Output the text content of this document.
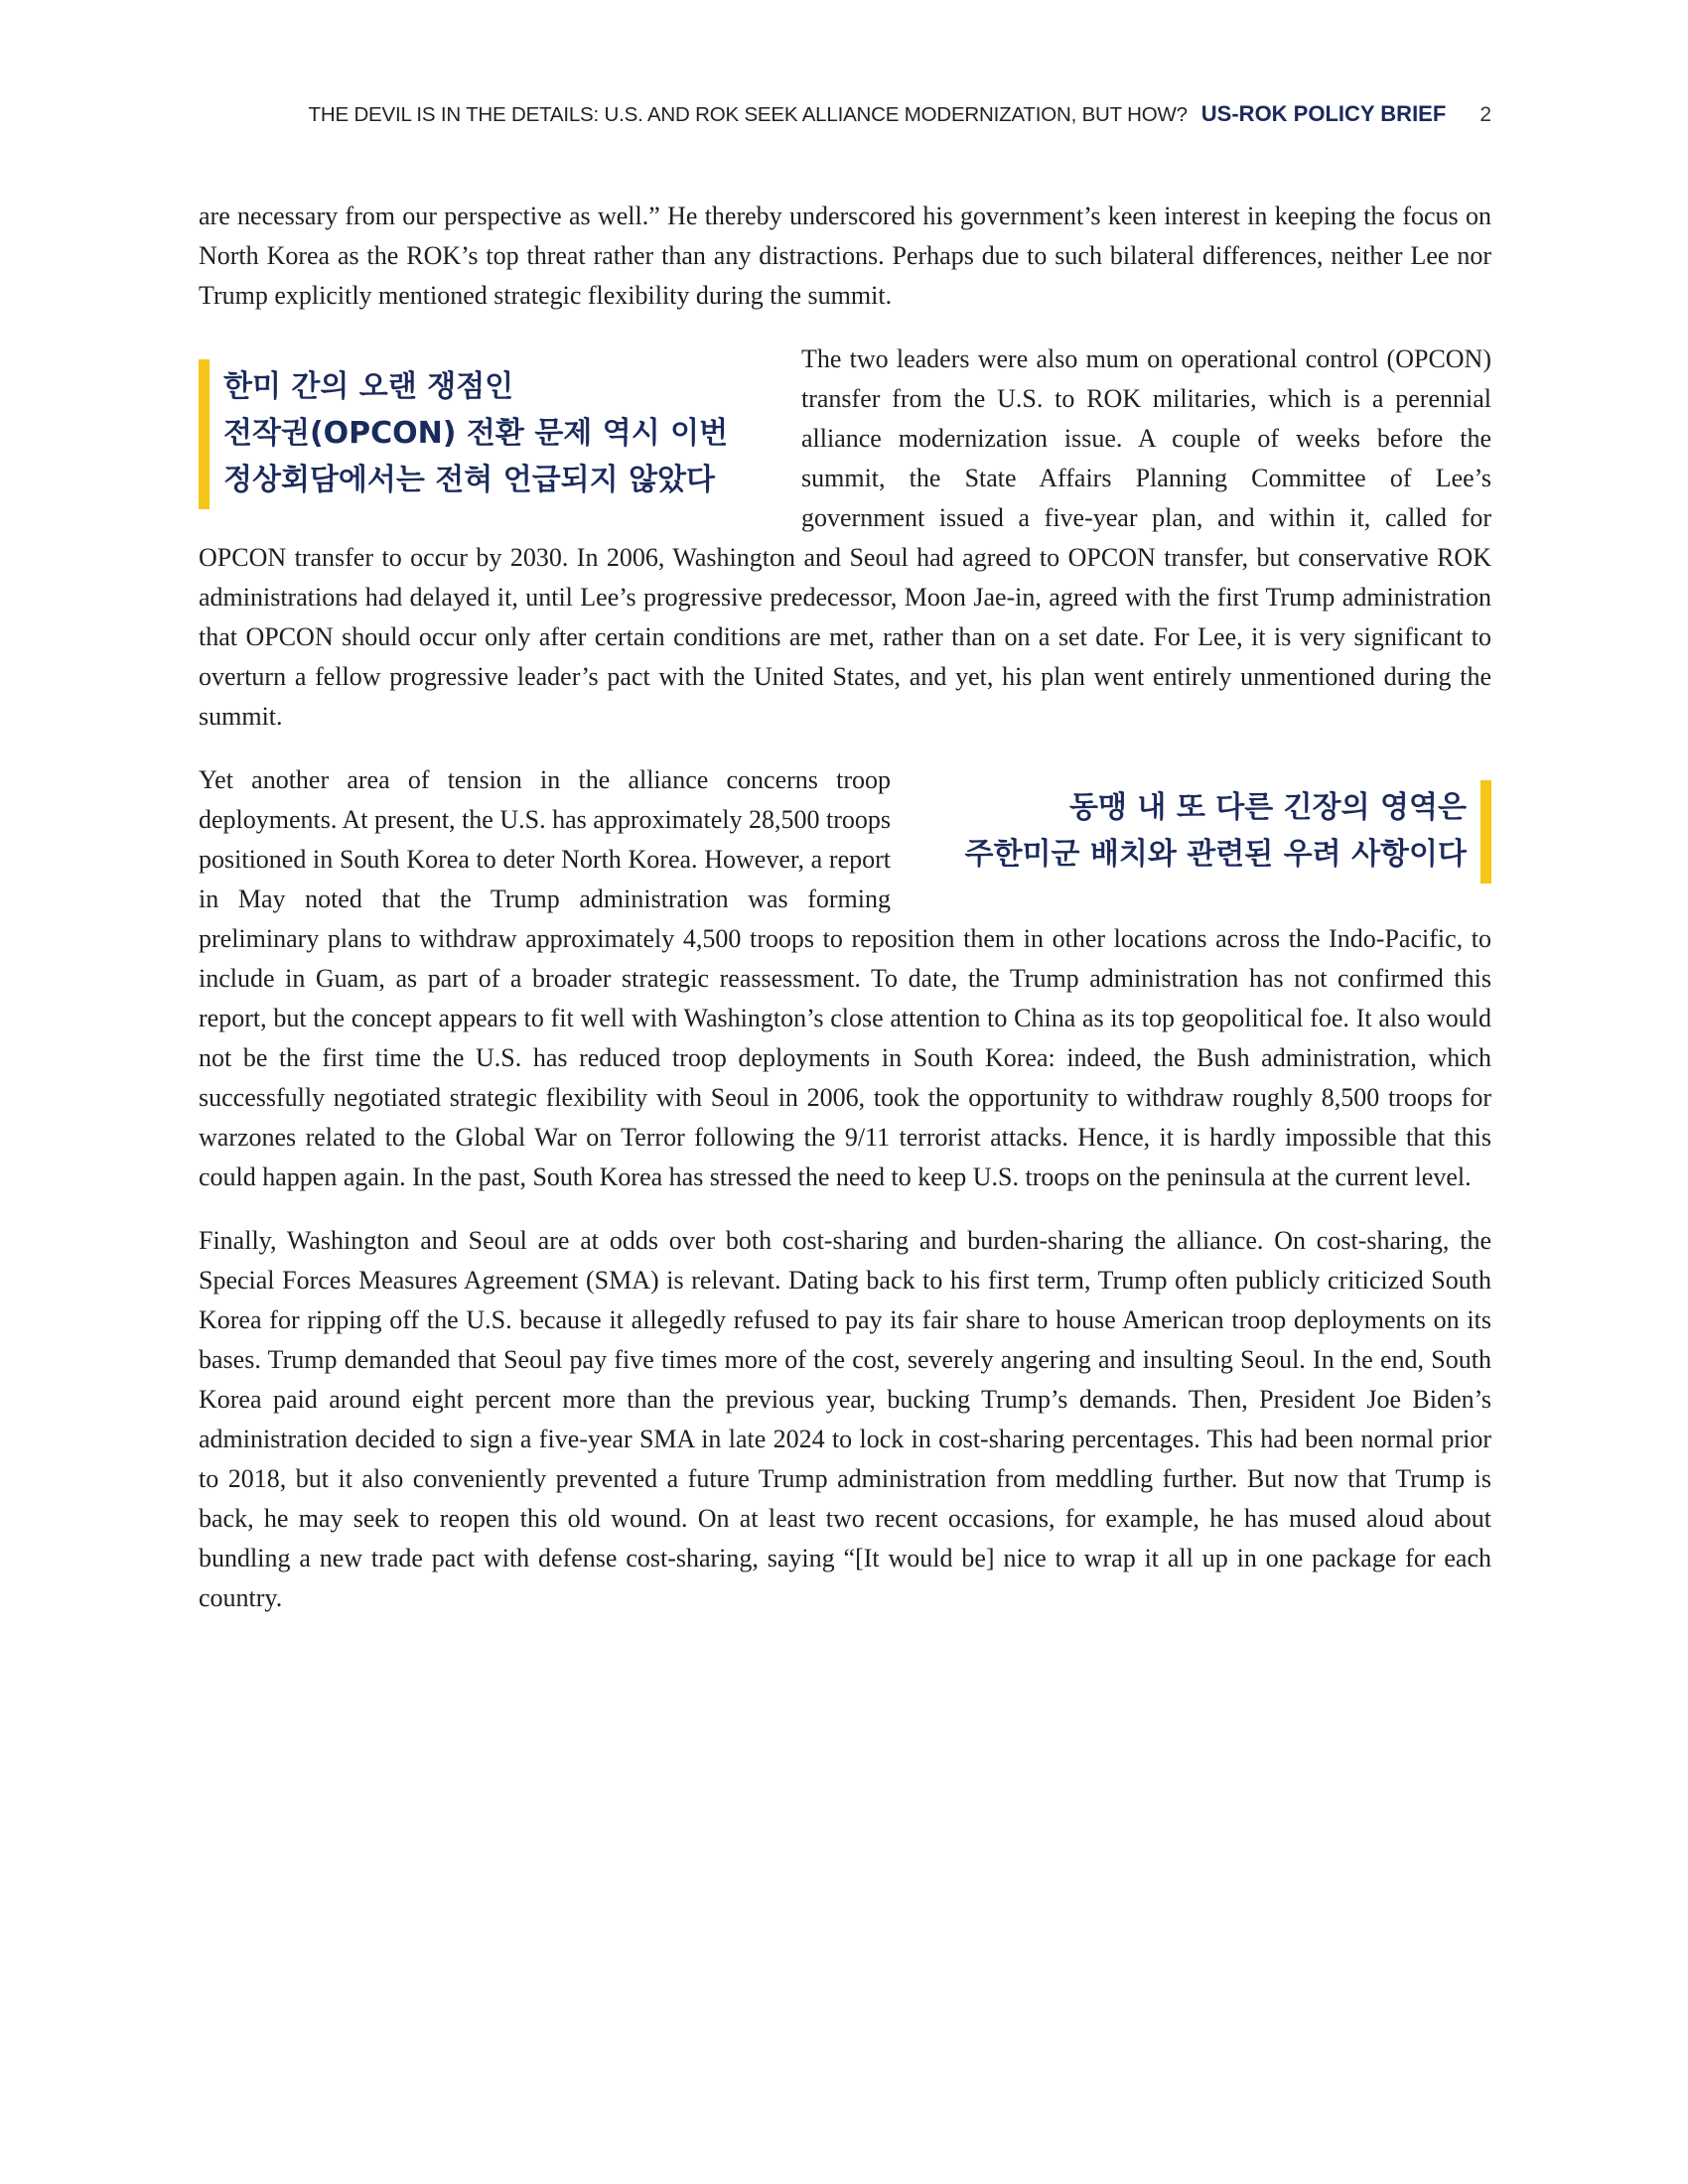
THE DEVIL IS IN THE DETAILS: U.S. AND ROK SEEK ALLIANCE MODERNIZATION, BUT HOW? US-ROK POLICY BRIEF 2

are necessary from our perspective as well.” He thereby underscored his government’s keen interest in keeping the focus on North Korea as the ROK’s top threat rather than any distractions. Perhaps due to such bilateral differences, neither Lee nor Trump explicitly mentioned strategic flexibility during the summit.

한미 간의 오랜 쟁점인
전작권(OPCON) 전환 문제 역시 이번
정상회담에서는 전혀 언급되지 않았다

The two leaders were also mum on operational control (OPCON) transfer from the U.S. to ROK militaries, which is a perennial alliance modernization issue. A couple of weeks before the summit, the State Affairs Planning Committee of Lee’s government issued a five-year plan, and within it, called for OPCON transfer to occur by 2030. In 2006, Washington and Seoul had agreed to OPCON transfer, but conservative ROK administrations had delayed it, until Lee’s progressive predecessor, Moon Jae-in, agreed with the first Trump administration that OPCON should occur only after certain conditions are met, rather than on a set date. For Lee, it is very significant to overturn a fellow progressive leader’s pact with the United States, and yet, his plan went entirely unmentioned during the summit.

동맹 내 또 다른 긴장의 영역은
주한미군 배치와 관련된 우려 사항이다

Yet another area of tension in the alliance concerns troop deployments. At present, the U.S. has approximately 28,500 troops positioned in South Korea to deter North Korea. However, a report in May noted that the Trump administration was forming preliminary plans to withdraw approximately 4,500 troops to reposition them in other locations across the Indo-Pacific, to include in Guam, as part of a broader strategic reassessment. To date, the Trump administration has not confirmed this report, but the concept appears to fit well with Washington’s close attention to China as its top geopolitical foe. It also would not be the first time the U.S. has reduced troop deployments in South Korea: indeed, the Bush administration, which successfully negotiated strategic flexibility with Seoul in 2006, took the opportunity to withdraw roughly 8,500 troops for warzones related to the Global War on Terror following the 9/11 terrorist attacks. Hence, it is hardly impossible that this could happen again. In the past, South Korea has stressed the need to keep U.S. troops on the peninsula at the current level.

Finally, Washington and Seoul are at odds over both cost-sharing and burden-sharing the alliance. On cost-sharing, the Special Forces Measures Agreement (SMA) is relevant. Dating back to his first term, Trump often publicly criticized South Korea for ripping off the U.S. because it allegedly refused to pay its fair share to house American troop deployments on its bases. Trump demanded that Seoul pay five times more of the cost, severely angering and insulting Seoul. In the end, South Korea paid around eight percent more than the previous year, bucking Trump’s demands. Then, President Joe Biden’s administration decided to sign a five-year SMA in late 2024 to lock in cost-sharing percentages. This had been normal prior to 2018, but it also conveniently prevented a future Trump administration from meddling further. But now that Trump is back, he may seek to reopen this old wound. On at least two recent occasions, for example, he has mused aloud about bundling a new trade pact with defense cost-sharing, saying “[It would be] nice to wrap it all up in one package for each country.
